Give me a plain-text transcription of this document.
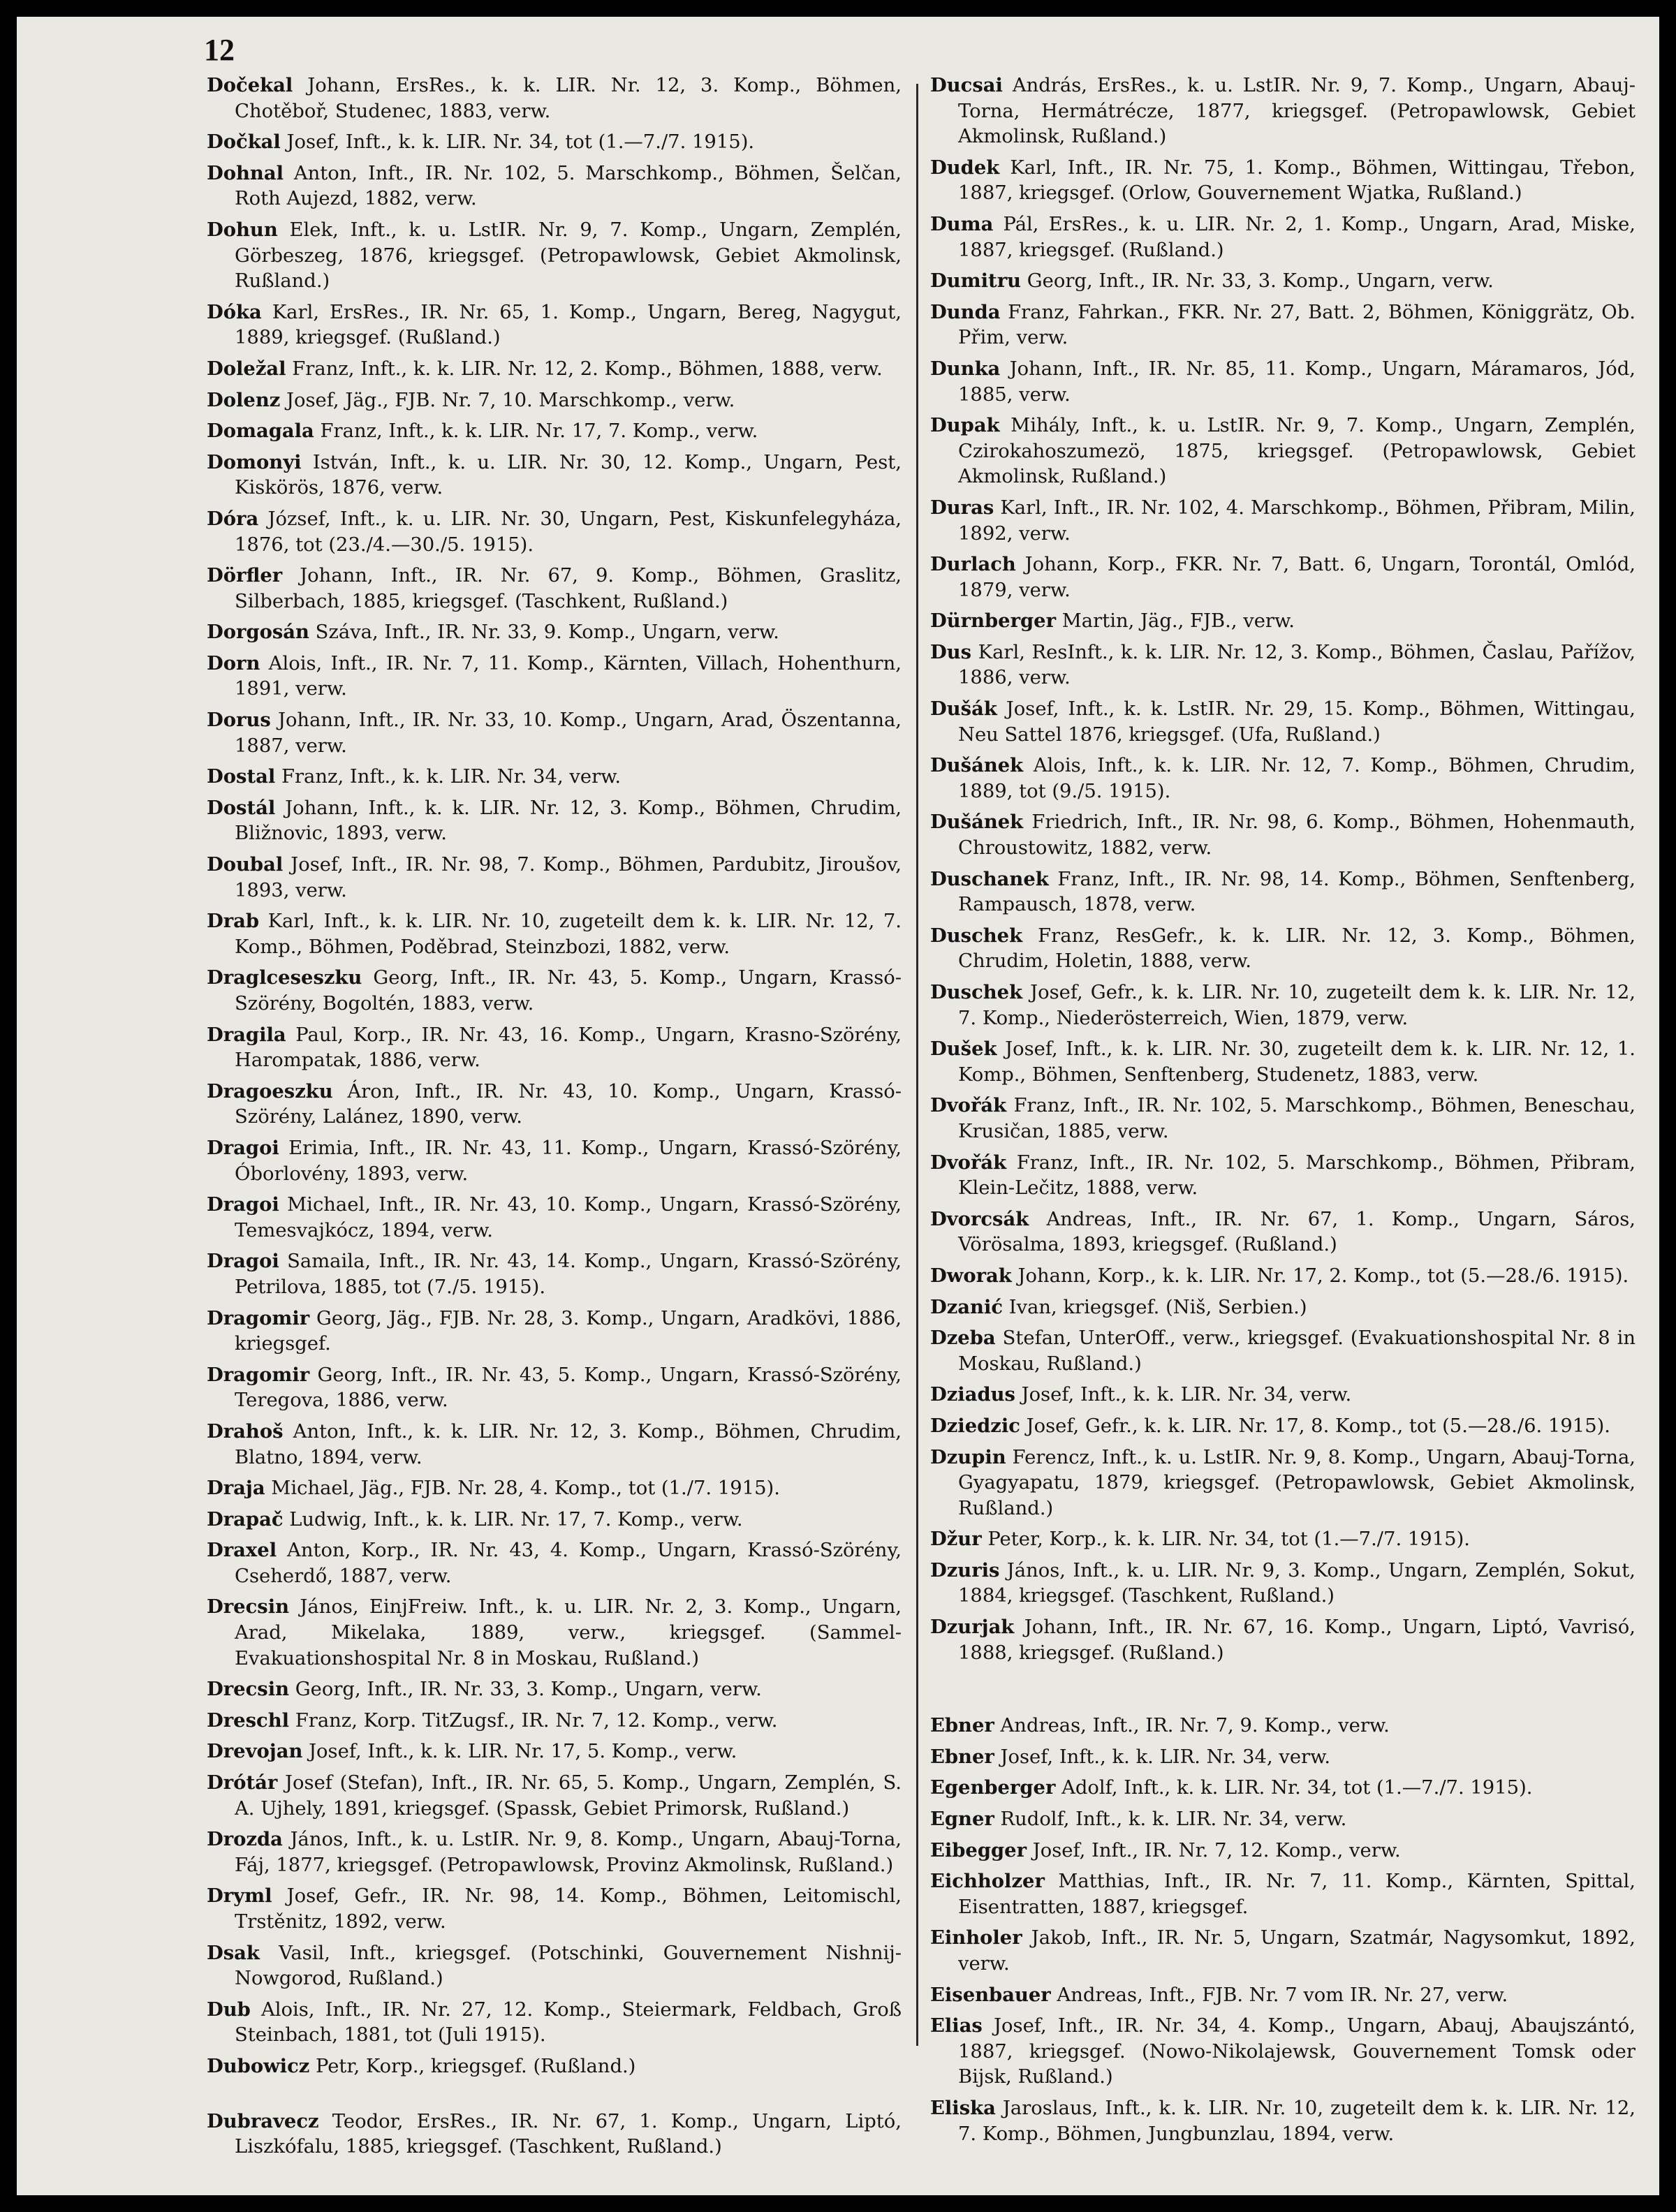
12

Dočekal Johann, ErsRes., k. k. LIR. Nr. 12, 3. Komp., Böhmen, Chotěboř, Studenec, 1883, verw.

Dočkal Josef, Inft., k. k. LIR. Nr. 34, tot (1.—7./7. 1915).

Dohnal Anton, Inft., IR. Nr. 102, 5. Marschkomp., Böhmen, Šelčan, Roth Aujezd, 1882, verw.

Dohun Elek, Inft., k. u. LstIR. Nr. 9, 7. Komp., Ungarn, Zemplén, Görbeszeg, 1876, kriegsgef. (Petropawlowsk, Gebiet Akmolinsk, Rußland.)

Dóka Karl, ErsRes., IR. Nr. 65, 1. Komp., Ungarn, Bereg, Nagygut, 1889, kriegsgef. (Rußland.)

Doležal Franz, Inft., k. k. LIR. Nr. 12, 2. Komp., Böhmen, 1888, verw.

Dolenz Josef, Jäg., FJB. Nr. 7, 10. Marschkomp., verw.

Domagala Franz, Inft., k. k. LIR. Nr. 17, 7. Komp., verw.

Domonyi István, Inft., k. u. LIR. Nr. 30, 12. Komp., Ungarn, Pest, Kiskörös, 1876, verw.

Dóra József, Inft., k. u. LIR. Nr. 30, Ungarn, Pest, Kiskunfelegyháza, 1876, tot (23./4.—30./5. 1915).

Dörfler Johann, Inft., IR. Nr. 67, 9. Komp., Böhmen, Graslitz, Silberbach, 1885, kriegsgef. (Taschkent, Rußland.)

Dorgosán Száva, Inft., IR. Nr. 33, 9. Komp., Ungarn, verw.

Dorn Alois, Inft., IR. Nr. 7, 11. Komp., Kärnten, Villach, Hohenthurn, 1891, verw.

Dorus Johann, Inft., IR. Nr. 33, 10. Komp., Ungarn, Arad, Öszentanna, 1887, verw.

Dostal Franz, Inft., k. k. LIR. Nr. 34, verw.

Dostál Johann, Inft., k. k. LIR. Nr. 12, 3. Komp., Böhmen, Chrudim, Bližnovic, 1893, verw.

Doubal Josef, Inft., IR. Nr. 98, 7. Komp., Böhmen, Pardubitz, Jiroušov, 1893, verw.

Drab Karl, Inft., k. k. LIR. Nr. 10, zugeteilt dem k. k. LIR. Nr. 12, 7. Komp., Böhmen, Poděbrad, Steinzbozi, 1882, verw.

Draglceseszku Georg, Inft., IR. Nr. 43, 5. Komp., Ungarn, Krassó-Szörény, Bogoltén, 1883, verw.

Dragila Paul, Korp., IR. Nr. 43, 16. Komp., Ungarn, Krasno-Szörény, Harompatak, 1886, verw.

Dragoeszku Áron, Inft., IR. Nr. 43, 10. Komp., Ungarn, Krassó-Szörény, Lalánez, 1890, verw.

Dragoi Erimia, Inft., IR. Nr. 43, 11. Komp., Ungarn, Krassó-Szörény, Óborlovény, 1893, verw.

Dragoi Michael, Inft., IR. Nr. 43, 10. Komp., Ungarn, Krassó-Szörény, Temesvajkócz, 1894, verw.

Dragoi Samaila, Inft., IR. Nr. 43, 14. Komp., Ungarn, Krassó-Szörény, Petrilova, 1885, tot (7./5. 1915).

Dragomir Georg, Jäg., FJB. Nr. 28, 3. Komp., Ungarn, Aradkövi, 1886, kriegsgef.

Dragomir Georg, Inft., IR. Nr. 43, 5. Komp., Ungarn, Krassó-Szörény, Teregova, 1886, verw.

Drahoš Anton, Inft., k. k. LIR. Nr. 12, 3. Komp., Böhmen, Chrudim, Blatno, 1894, verw.

Draja Michael, Jäg., FJB. Nr. 28, 4. Komp., tot (1./7. 1915).

Drapač Ludwig, Inft., k. k. LIR. Nr. 17, 7. Komp., verw.

Draxel Anton, Korp., IR. Nr. 43, 4. Komp., Ungarn, Krassó-Szörény, Cseherdő, 1887, verw.

Drecsin János, EinjFreiw. Inft., k. u. LIR. Nr. 2, 3. Komp., Ungarn, Arad, Mikelaka, 1889, verw., kriegsgef. (Sammel-Evakuationshospital Nr. 8 in Moskau, Rußland.)

Drecsin Georg, Inft., IR. Nr. 33, 3. Komp., Ungarn, verw.

Dreschl Franz, Korp. TitZugsf., IR. Nr. 7, 12. Komp., verw.

Drevojan Josef, Inft., k. k. LIR. Nr. 17, 5. Komp., verw.

Drótár Josef (Stefan), Inft., IR. Nr. 65, 5. Komp., Ungarn, Zemplén, S. A. Ujhely, 1891, kriegsgef. (Spassk, Gebiet Primorsk, Rußland.)

Drozda János, Inft., k. u. LstIR. Nr. 9, 8. Komp., Ungarn, Abauj-Torna, Fáj, 1877, kriegsgef. (Petropawlowsk, Provinz Akmolinsk, Rußland.)

Dryml Josef, Gefr., IR. Nr. 98, 14. Komp., Böhmen, Leitomischl, Trstěnitz, 1892, verw.

Dsak Vasil, Inft., kriegsgef. (Potschinki, Gouvernement Nishnij-Nowgorod, Rußland.)

Dub Alois, Inft., IR. Nr. 27, 12. Komp., Steiermark, Feldbach, Groß Steinbach, 1881, tot (Juli 1915).

Dubowicz Petr, Korp., kriegsgef. (Rußland.)

Dubravecz Teodor, ErsRes., IR. Nr. 67, 1. Komp., Ungarn, Liptó, Liszkófalu, 1885, kriegsgef. (Taschkent, Rußland.)

Ducsai András, ErsRes., k. u. LstIR. Nr. 9, 7. Komp., Ungarn, Abauj-Torna, Hermátrécze, 1877, kriegsgef. (Petropawlowsk, Gebiet Akmolinsk, Rußland.)

Dudek Karl, Inft., IR. Nr. 75, 1. Komp., Böhmen, Wittingau, Třebon, 1887, kriegsgef. (Orlow, Gouvernement Wjatka, Rußland.)

Duma Pál, ErsRes., k. u. LIR. Nr. 2, 1. Komp., Ungarn, Arad, Miske, 1887, kriegsgef. (Rußland.)

Dumitru Georg, Inft., IR. Nr. 33, 3. Komp., Ungarn, verw.

Dunda Franz, Fahrkan., FKR. Nr. 27, Batt. 2, Böhmen, Königgrätz, Ob. Přim, verw.

Dunka Johann, Inft., IR. Nr. 85, 11. Komp., Ungarn, Máramaros, Jód, 1885, verw.

Dupak Mihály, Inft., k. u. LstIR. Nr. 9, 7. Komp., Ungarn, Zemplén, Czirokahoszumezö, 1875, kriegsgef. (Petropawlowsk, Gebiet Akmolinsk, Rußland.)

Duras Karl, Inft., IR. Nr. 102, 4. Marschkomp., Böhmen, Přibram, Milin, 1892, verw.

Durlach Johann, Korp., FKR. Nr. 7, Batt. 6, Ungarn, Torontál, Omlód, 1879, verw.

Dürnberger Martin, Jäg., FJB., verw.

Dus Karl, ResInft., k. k. LIR. Nr. 12, 3. Komp., Böhmen, Časlau, Pařížov, 1886, verw.

Dušák Josef, Inft., k. k. LstIR. Nr. 29, 15. Komp., Böhmen, Wittingau, Neu Sattel 1876, kriegsgef. (Ufa, Rußland.)

Dušánek Alois, Inft., k. k. LIR. Nr. 12, 7. Komp., Böhmen, Chrudim, 1889, tot (9./5. 1915).

Dušánek Friedrich, Inft., IR. Nr. 98, 6. Komp., Böhmen, Hohenmauth, Chroustowitz, 1882, verw.

Duschanek Franz, Inft., IR. Nr. 98, 14. Komp., Böhmen, Senftenberg, Rampausch, 1878, verw.

Duschek Franz, ResGefr., k. k. LIR. Nr. 12, 3. Komp., Böhmen, Chrudim, Holetin, 1888, verw.

Duschek Josef, Gefr., k. k. LIR. Nr. 10, zugeteilt dem k. k. LIR. Nr. 12, 7. Komp., Niederösterreich, Wien, 1879, verw.

Dušek Josef, Inft., k. k. LIR. Nr. 30, zugeteilt dem k. k. LIR. Nr. 12, 1. Komp., Böhmen, Senftenberg, Studenetz, 1883, verw.

Dvořák Franz, Inft., IR. Nr. 102, 5. Marschkomp., Böhmen, Beneschau, Krusičan, 1885, verw.

Dvořák Franz, Inft., IR. Nr. 102, 5. Marschkomp., Böhmen, Přibram, Klein-Lečitz, 1888, verw.

Dvorcsák Andreas, Inft., IR. Nr. 67, 1. Komp., Ungarn, Sáros, Vörösalma, 1893, kriegsgef. (Rußland.)

Dworak Johann, Korp., k. k. LIR. Nr. 17, 2. Komp., tot (5.—28./6. 1915).

Dzanić Ivan, kriegsgef. (Niš, Serbien.)

Dzeba Stefan, UnterOff., verw., kriegsgef. (Evakuationshospital Nr. 8 in Moskau, Rußland.)

Dziadus Josef, Inft., k. k. LIR. Nr. 34, verw.

Dziedzic Josef, Gefr., k. k. LIR. Nr. 17, 8. Komp., tot (5.—28./6. 1915).

Dzupin Ferencz, Inft., k. u. LstIR. Nr. 9, 8. Komp., Ungarn, Abauj-Torna, Gyagyapatu, 1879, kriegsgef. (Petropawlowsk, Gebiet Akmolinsk, Rußland.)

Džur Peter, Korp., k. k. LIR. Nr. 34, tot (1.—7./7. 1915).

Dzuris János, Inft., k. u. LIR. Nr. 9, 3. Komp., Ungarn, Zemplén, Sokut, 1884, kriegsgef. (Taschkent, Rußland.)

Dzurjak Johann, Inft., IR. Nr. 67, 16. Komp., Ungarn, Liptó, Vavrisó, 1888, kriegsgef. (Rußland.)

Ebner Andreas, Inft., IR. Nr. 7, 9. Komp., verw.

Ebner Josef, Inft., k. k. LIR. Nr. 34, verw.

Egenberger Adolf, Inft., k. k. LIR. Nr. 34, tot (1.—7./7. 1915).

Egner Rudolf, Inft., k. k. LIR. Nr. 34, verw.

Eibegger Josef, Inft., IR. Nr. 7, 12. Komp., verw.

Eichholzer Matthias, Inft., IR. Nr. 7, 11. Komp., Kärnten, Spittal, Eisentratten, 1887, kriegsgef.

Einholer Jakob, Inft., IR. Nr. 5, Ungarn, Szatmár, Nagysomkut, 1892, verw.

Eisenbauer Andreas, Inft., FJB. Nr. 7 vom IR. Nr. 27, verw.

Elias Josef, Inft., IR. Nr. 34, 4. Komp., Ungarn, Abauj, Abaujszántó, 1887, kriegsgef. (Nowo-Nikolajewsk, Gouvernement Tomsk oder Bijsk, Rußland.)

Eliska Jaroslaus, Inft., k. k. LIR. Nr. 10, zugeteilt dem k. k. LIR. Nr. 12, 7. Komp., Böhmen, Jungbunzlau, 1894, verw.
